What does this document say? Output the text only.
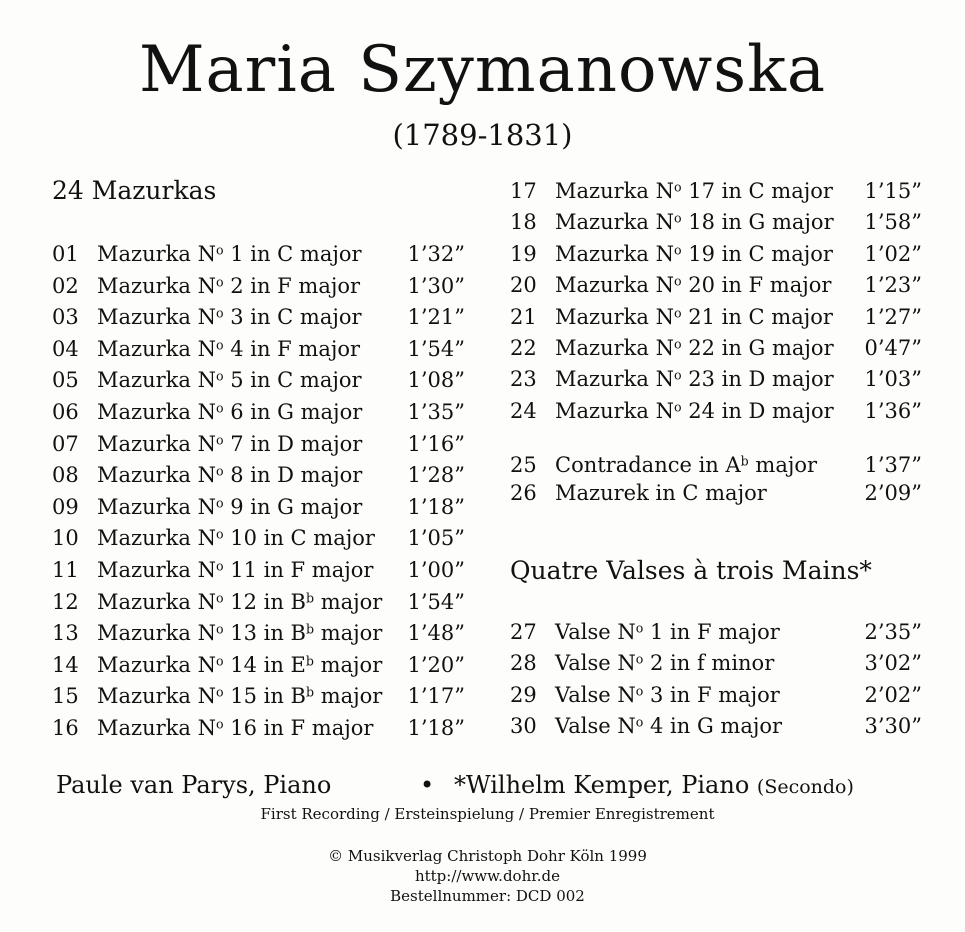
Maria Szymanowska
(1789-1831)
24 Mazurkas
01 Mazurka $N^o$ 1 in C major 1’32”
02 Mazurka $N^o$ 2 in F major 1’30”
03 Mazurka $N^o$ 3 in C major 1’21”
04 Mazurka $N^o$ 4 in F major 1’54”
05 Mazurka $N^o$ 5 in C major 1’08”
06 Mazurka $N^o$ 6 in G major 1’35”
07 Mazurka $N^o$ 7 in D major 1’16”
08 Mazurka $N^o$ 8 in D major 1’28”
09 Mazurka $N^o$ 9 in G major 1’18”
10 Mazurka $N^o$ 10 in C major 1’05”
11 Mazurka $N^o$ 11 in F major 1’00”
12 Mazurka $N^o$ 12 in $B^b$ major 1’54”
13 Mazurka $N^o$ 13 in $B^b$ major 1’48”
14 Mazurka $N^o$ 14 in $E^b$ major 1’20”
15 Mazurka $N^o$ 15 in $B^b$ major 1’17”
16 Mazurka $N^o$ 16 in F major 1’18”
17 Mazurka $N^o$ 17 in C major 1’15”
18 Mazurka $N^o$ 18 in G major 1’58”
19 Mazurka $N^o$ 19 in C major 1’02”
20 Mazurka $N^o$ 20 in F major 1’23”
21 Mazurka $N^o$ 21 in C major 1’27”
22 Mazurka $N^o$ 22 in G major 0’47”
23 Mazurka $N^o$ 23 in D major 1’03”
24 Mazurka $N^o$ 24 in D major 1’36”
25 Contradance in $A^b$ major 1’37”
26 Mazurek in C major	2’09”
Quatre Valses à trois Mains*
27 Valse $N^o$ 1 in F major	2’35”
28 Valse $N^o$ 2 in f minor	3’02”
29 Valse $N^o$ 3 in F major	2’02”
30 Valse $N^o$ 4 in G major	3’30”
Paule van Parys, Piano	• *Wilhelm Kemper, Piano (Secondo)
First Recording / Ersteinspielung / Premier Enregistrement
© Musikverlag Christoph Dohr Köln 1999
http://www.dohr.de
Bestellnummer: DCD 002
